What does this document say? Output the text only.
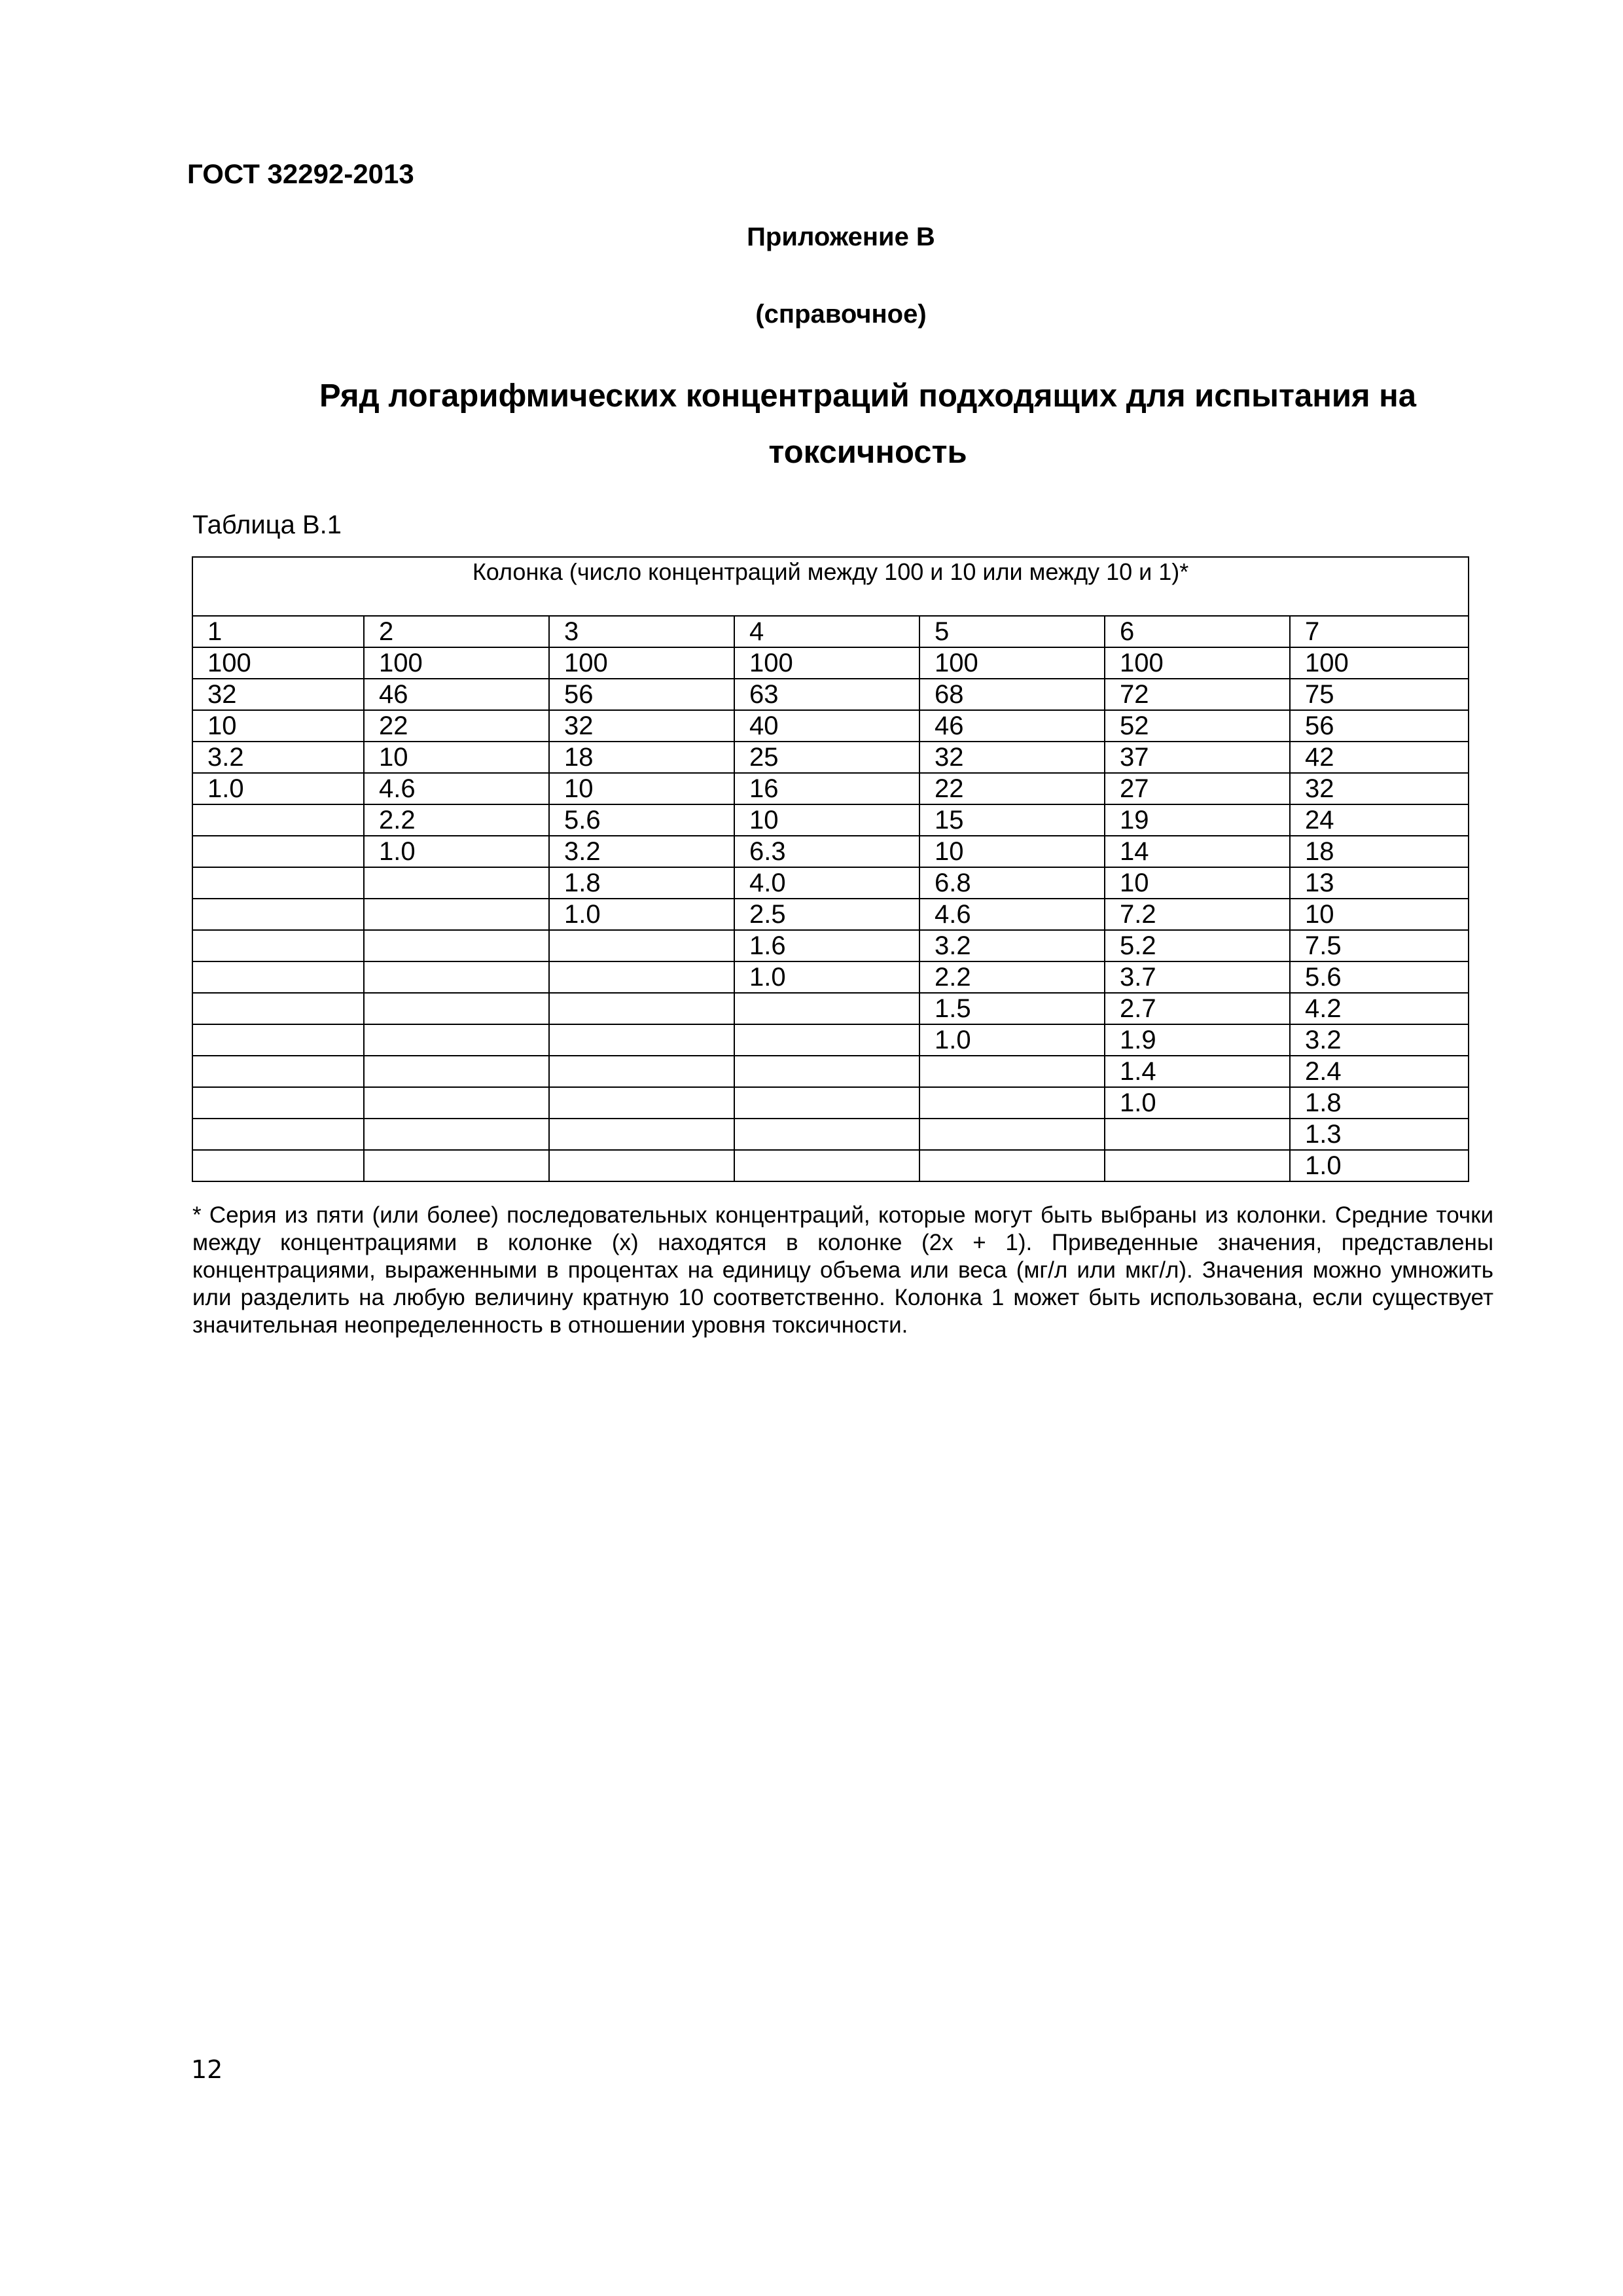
ГОСТ 32292-2013
Приложение В
(справочное)
Ряд логарифмических концентраций подходящих для испытания на
токсичность
Таблица В.1
Колонка (число концентраций между 100 и 10 или между 10 и 1)*						
1	2	3	4	5	6	7
100	100	100	100	100	100	100
32	46	56	63	68	72	75
10	22	32	40	46	52	56
3.2	10	18	25	32	37	42
1.0	4.6	10	16	22	27	32
	2.2	5.6	10	15	19	24
	1.0	3.2	6.3	10	14	18
		1.8	4.0	6.8	10	13
		1.0	2.5	4.6	7.2	10
			1.6	3.2	5.2	7.5
			1.0	2.2	3.7	5.6
				1.5	2.7	4.2
				1.0	1.9	3.2
					1.4	2.4
					1.0	1.8
						1.3
						1.0
* Серия из пяти (или более) последовательных концентраций, которые могут быть выбраны из колонки. Средние точки между концентрациями в колонке (x) находятся в колонке (2x + 1). Приведенные значения, представлены концентрациями, выраженными в процентах на единицу объема или веса (мг/л или мкг/л). Значения можно умножить или разделить на любую величину кратную 10 соответственно. Колонка 1 может быть использована, если существует значительная неопределенность в отношении уровня токсичности.
12
